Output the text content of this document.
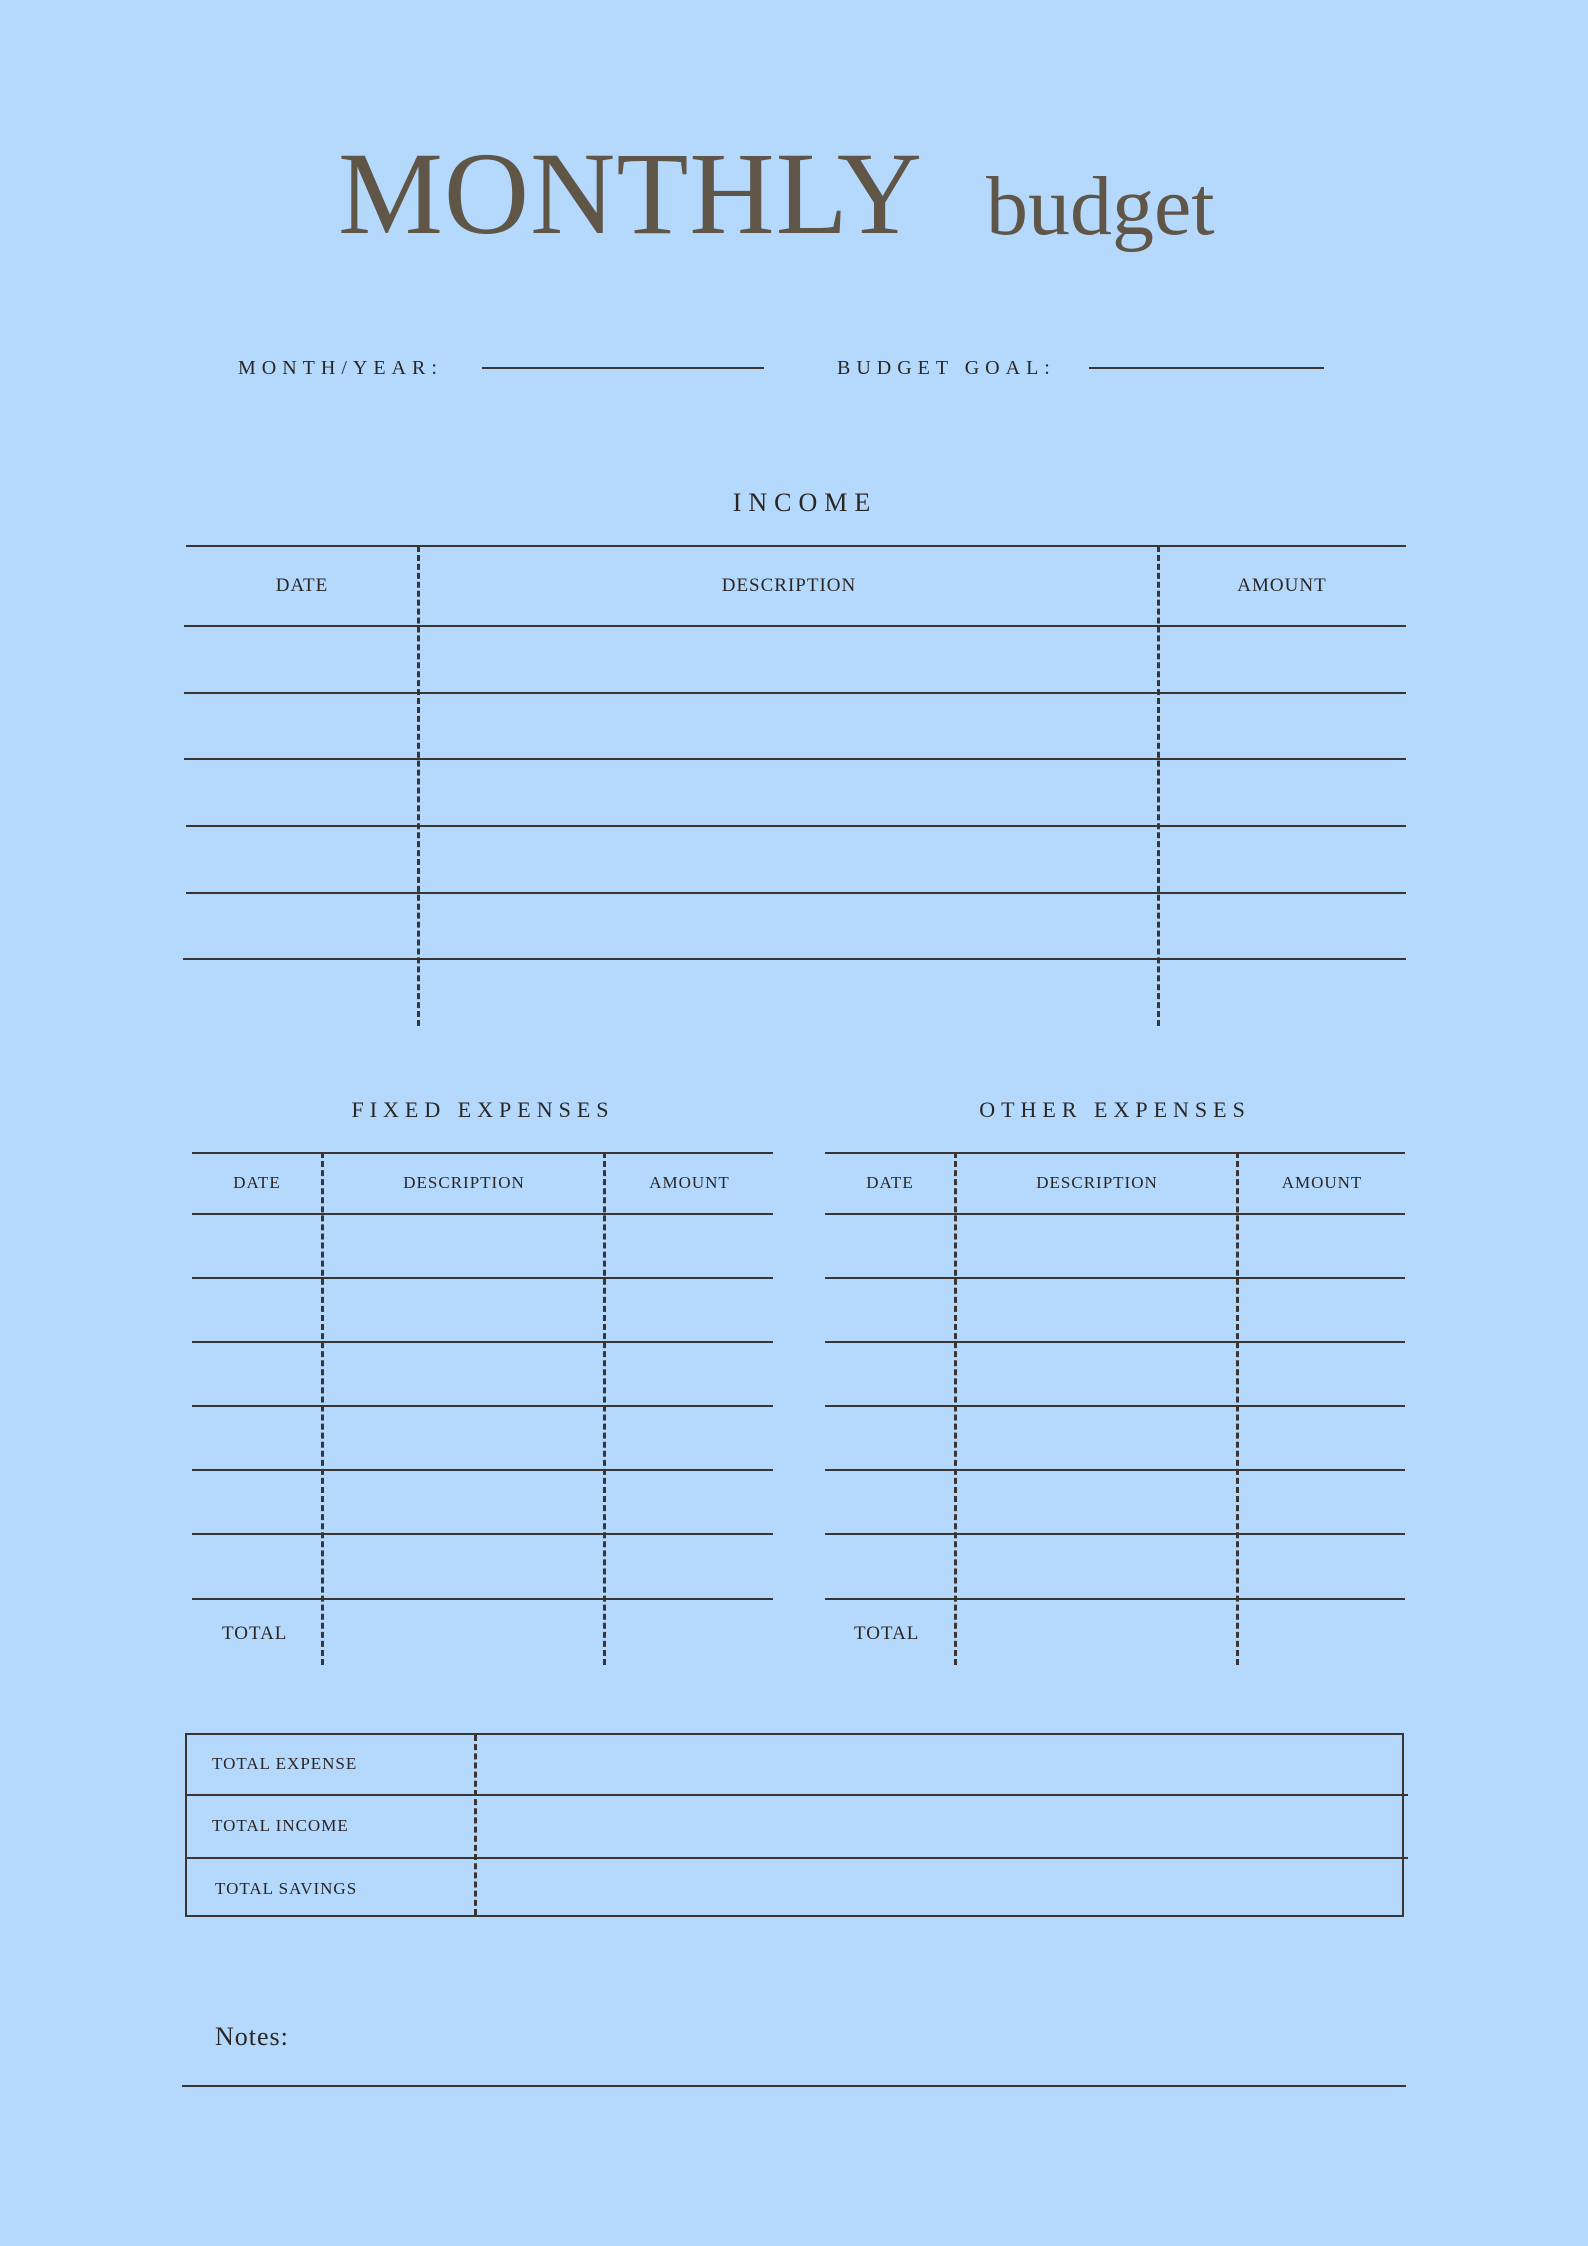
MONTHLY budget
MONTH/YEAR:	BUDGET GOAL:
INCOME
DATE	DESCRIPTION	AMOUNT
FIXED EXPENSES
DATE	DESCRIPTION	AMOUNT
TOTAL
OTHER EXPENSES
DATE	DESCRIPTION	AMOUNT
TOTAL
TOTAL EXPENSE
TOTAL INCOME
TOTAL SAVINGS
Notes:
